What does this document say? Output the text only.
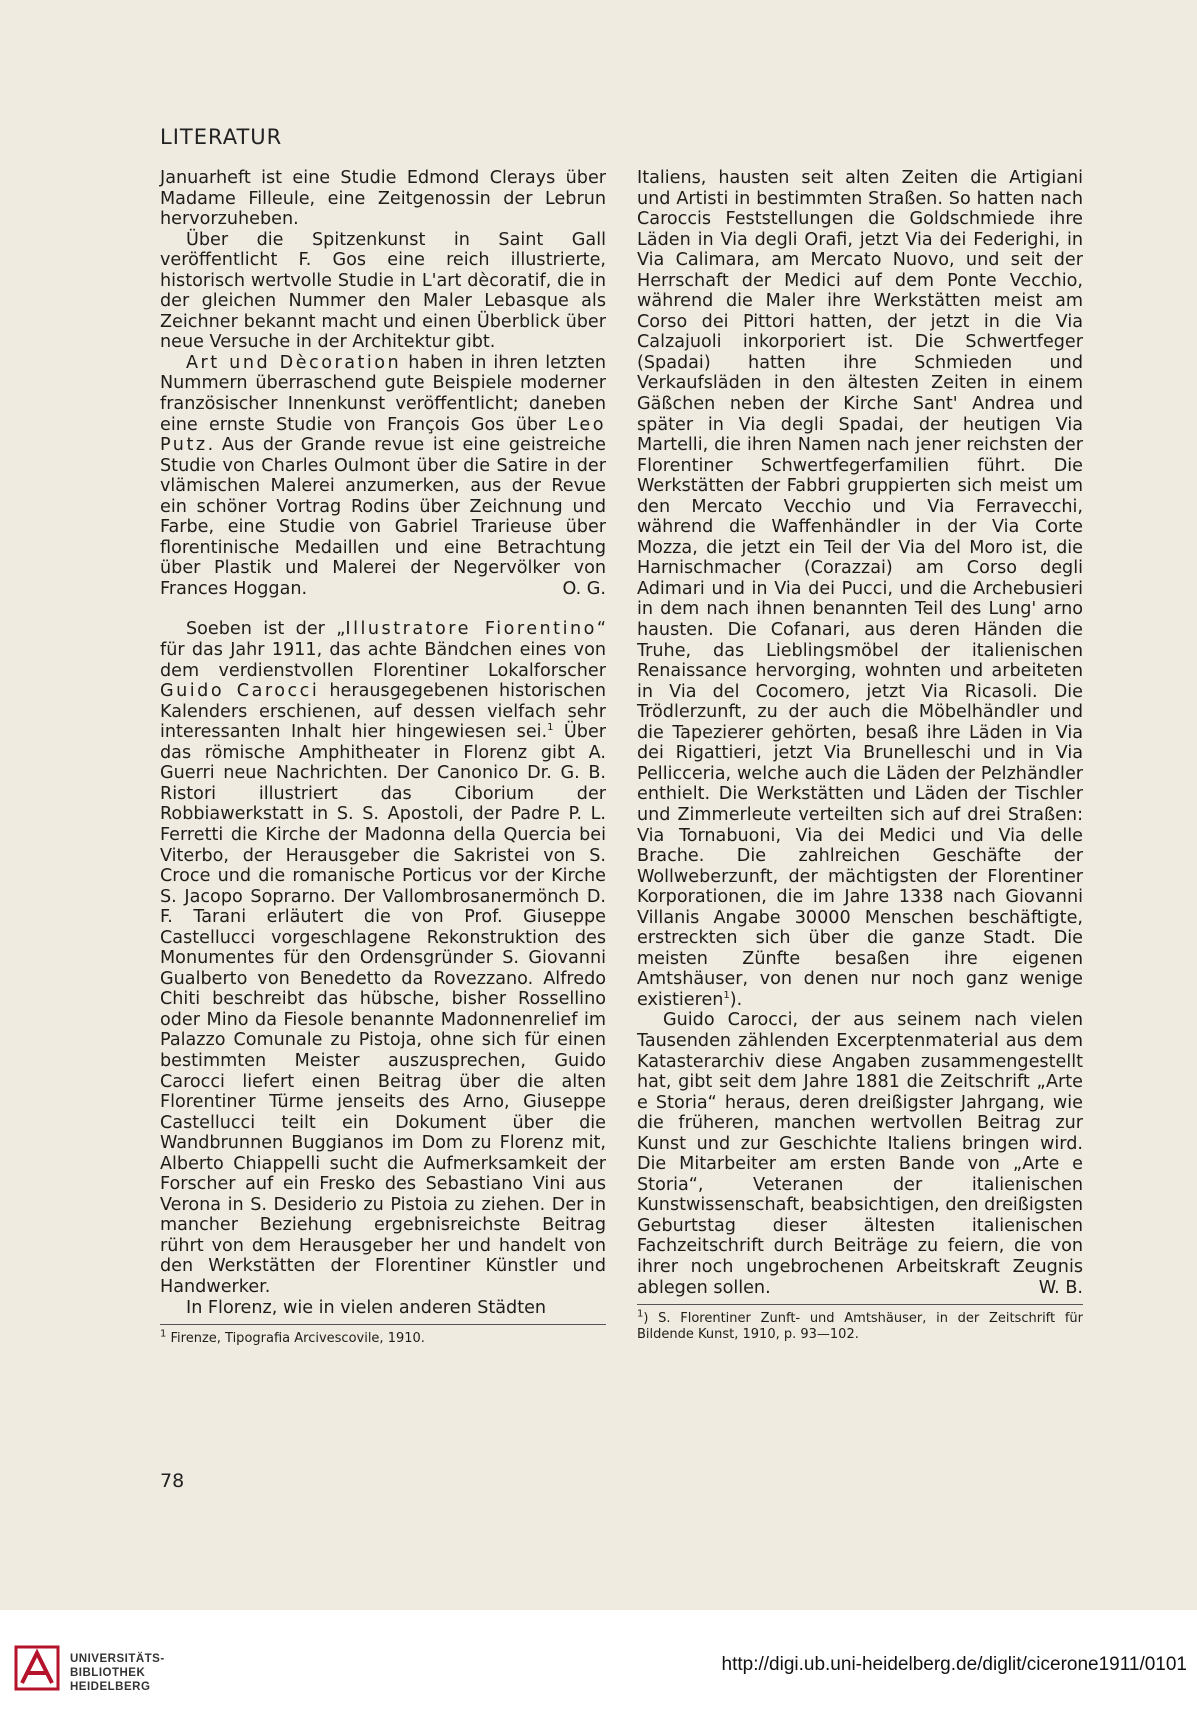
LITERATUR

Januarheft ist eine Studie Edmond Clerays über Madame Filleule, eine Zeitgenossin der Lebrun hervorzuheben.

Über die Spitzenkunst in Saint Gall veröffentlicht F. Gos eine reich illustrierte, historisch wertvolle Studie in L'art dècoratif, die in der gleichen Nummer den Maler Lebasque als Zeichner bekannt macht und einen Überblick über neue Versuche in der Architektur gibt.

Art und Dècoration haben in ihren letzten Nummern überraschend gute Beispiele moderner französischer Innenkunst veröffentlicht; daneben eine ernste Studie von François Gos über Leo Putz. Aus der Grande revue ist eine geistreiche Studie von Charles Oulmont über die Satire in der vlämischen Malerei anzumerken, aus der Revue ein schöner Vortrag Rodins über Zeichnung und Farbe, eine Studie von Gabriel Trarieuse über florentinische Medaillen und eine Betrachtung über Plastik und Malerei der Negervölker von Frances Hoggan.	O. G.

Soeben ist der „Illustratore Fiorentino“ für das Jahr 1911, das achte Bändchen eines von dem verdienstvollen Florentiner Lokalforscher Guido Carocci herausgegebenen historischen Kalenders erschienen, auf dessen vielfach sehr interessanten Inhalt hier hingewiesen sei.$^1$ Über das römische Amphitheater in Florenz gibt A. Guerri neue Nachrichten. Der Canonico Dr. G. B. Ristori illustriert das Ciborium der Robbiawerkstatt in S. S. Apostoli, der Padre P. L. Ferretti die Kirche der Madonna della Quercia bei Viterbo, der Herausgeber die Sakristei von S. Croce und die romanische Porticus vor der Kirche S. Jacopo Soprarno. Der Vallombrosanermönch D. F. Tarani erläutert die von Prof. Giuseppe Castellucci vorgeschlagene Rekonstruktion des Monumentes für den Ordensgründer S. Giovanni Gualberto von Benedetto da Rovezzano. Alfredo Chiti beschreibt das hübsche, bisher Rossellino oder Mino da Fiesole benannte Madonnenrelief im Palazzo Comunale zu Pistoja, ohne sich für einen bestimmten Meister auszusprechen, Guido Carocci liefert einen Beitrag über die alten Florentiner Türme jenseits des Arno, Giuseppe Castellucci teilt ein Dokument über die Wandbrunnen Buggianos im Dom zu Florenz mit, Alberto Chiappelli sucht die Aufmerksamkeit der Forscher auf ein Fresko des Sebastiano Vini aus Verona in S. Desiderio zu Pistoia zu ziehen. Der in mancher Beziehung ergebnisreichste Beitrag rührt von dem Herausgeber her und handelt von den Werkstätten der Florentiner Künstler und Handwerker.

In Florenz, wie in vielen anderen Städten

$^1$ Firenze, Tipografia Arcivescovile, 1910.

Italiens, hausten seit alten Zeiten die Artigiani und Artisti in bestimmten Straßen. So hatten nach Caroccis Feststellungen die Goldschmiede ihre Läden in Via degli Orafi, jetzt Via dei Federighi, in Via Calimara, am Mercato Nuovo, und seit der Herrschaft der Medici auf dem Ponte Vecchio, während die Maler ihre Werkstätten meist am Corso dei Pittori hatten, der jetzt in die Via Calzajuoli inkorporiert ist. Die Schwertfeger (Spadai) hatten ihre Schmieden und Verkaufsläden in den ältesten Zeiten in einem Gäßchen neben der Kirche Sant' Andrea und später in Via degli Spadai, der heutigen Via Martelli, die ihren Namen nach jener reichsten der Florentiner Schwertfegerfamilien führt. Die Werkstätten der Fabbri gruppierten sich meist um den Mercato Vecchio und Via Ferravecchi, während die Waffenhändler in der Via Corte Mozza, die jetzt ein Teil der Via del Moro ist, die Harnischmacher (Corazzai) am Corso degli Adimari und in Via dei Pucci, und die Archebusieri in dem nach ihnen benannten Teil des Lung' arno hausten. Die Cofanari, aus deren Händen die Truhe, das Lieblingsmöbel der italienischen Renaissance hervorging, wohnten und arbeiteten in Via del Cocomero, jetzt Via Ricasoli. Die Trödlerzunft, zu der auch die Möbelhändler und die Tapezierer gehörten, besaß ihre Läden in Via dei Rigattieri, jetzt Via Brunelleschi und in Via Pellicceria, welche auch die Läden der Pelzhändler enthielt. Die Werkstätten und Läden der Tischler und Zimmerleute verteilten sich auf drei Straßen: Via Tornabuoni, Via dei Medici und Via delle Brache. Die zahlreichen Geschäfte der Wollweberzunft, der mächtigsten der Florentiner Korporationen, die im Jahre 1338 nach Giovanni Villanis Angabe 30000 Menschen beschäftigte, erstreckten sich über die ganze Stadt. Die meisten Zünfte besaßen ihre eigenen Amtshäuser, von denen nur noch ganz wenige existieren$^1$).

Guido Carocci, der aus seinem nach vielen Tausenden zählenden Excerptenmaterial aus dem Katasterarchiv diese Angaben zusammengestellt hat, gibt seit dem Jahre 1881 die Zeitschrift „Arte e Storia“ heraus, deren dreißigster Jahrgang, wie die früheren, manchen wertvollen Beitrag zur Kunst und zur Geschichte Italiens bringen wird. Die Mitarbeiter am ersten Bande von „Arte e Storia“, Veteranen der italienischen Kunstwissenschaft, beabsichtigen, den dreißigsten Geburtstag dieser ältesten italienischen Fachzeitschrift durch Beiträge zu feiern, die von ihrer noch ungebrochenen Arbeitskraft Zeugnis ablegen sollen.	W. B.

$^1$) S. Florentiner Zunft- und Amtshäuser, in der Zeitschrift für Bildende Kunst, 1910, p. 93—102.
78
UNIVERSITÄTS-
BIBLIOTHEK
HEIDELBERG
http://digi.ub.uni-heidelberg.de/diglit/cicerone1911/0101
